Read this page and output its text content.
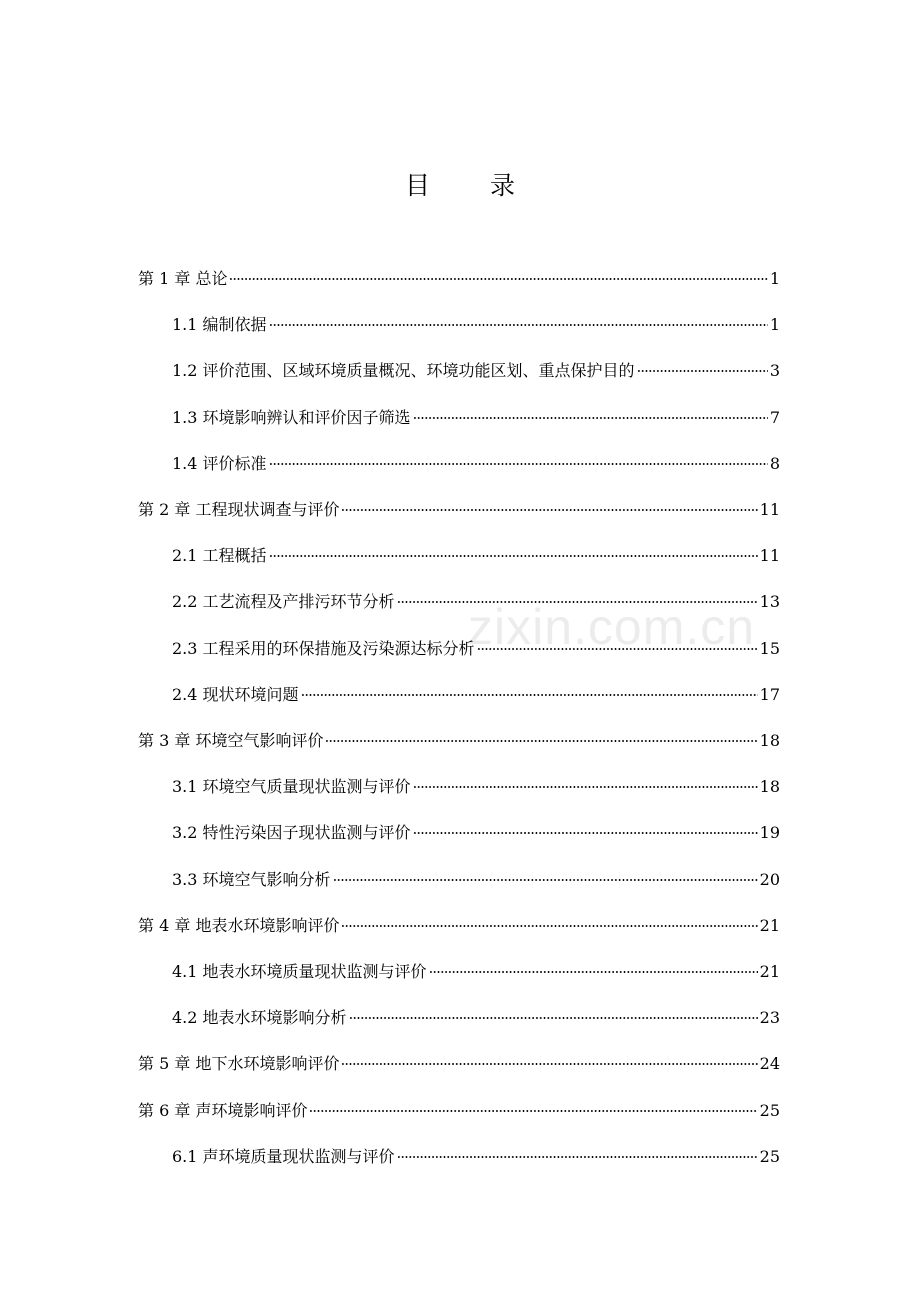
目 录
zixin.com.cn
第 1 章 总论	1
1.1 编制依据	1
1.2 评价范围、区域环境质量概况、环境功能区划、重点保护目的	3
1.3 环境影响辨认和评价因子筛选	7
1.4 评价标准	8
第 2 章 工程现状调查与评价	11
2.1 工程概括	11
2.2 工艺流程及产排污环节分析	13
2.3 工程采用的环保措施及污染源达标分析	15
2.4 现状环境问题	17
第 3 章 环境空气影响评价	18
3.1 环境空气质量现状监测与评价	18
3.2 特性污染因子现状监测与评价	19
3.3 环境空气影响分析	20
第 4 章 地表水环境影响评价	21
4.1 地表水环境质量现状监测与评价	21
4.2 地表水环境影响分析	23
第 5 章 地下水环境影响评价	24
第 6 章 声环境影响评价	25
6.1 声环境质量现状监测与评价	25
